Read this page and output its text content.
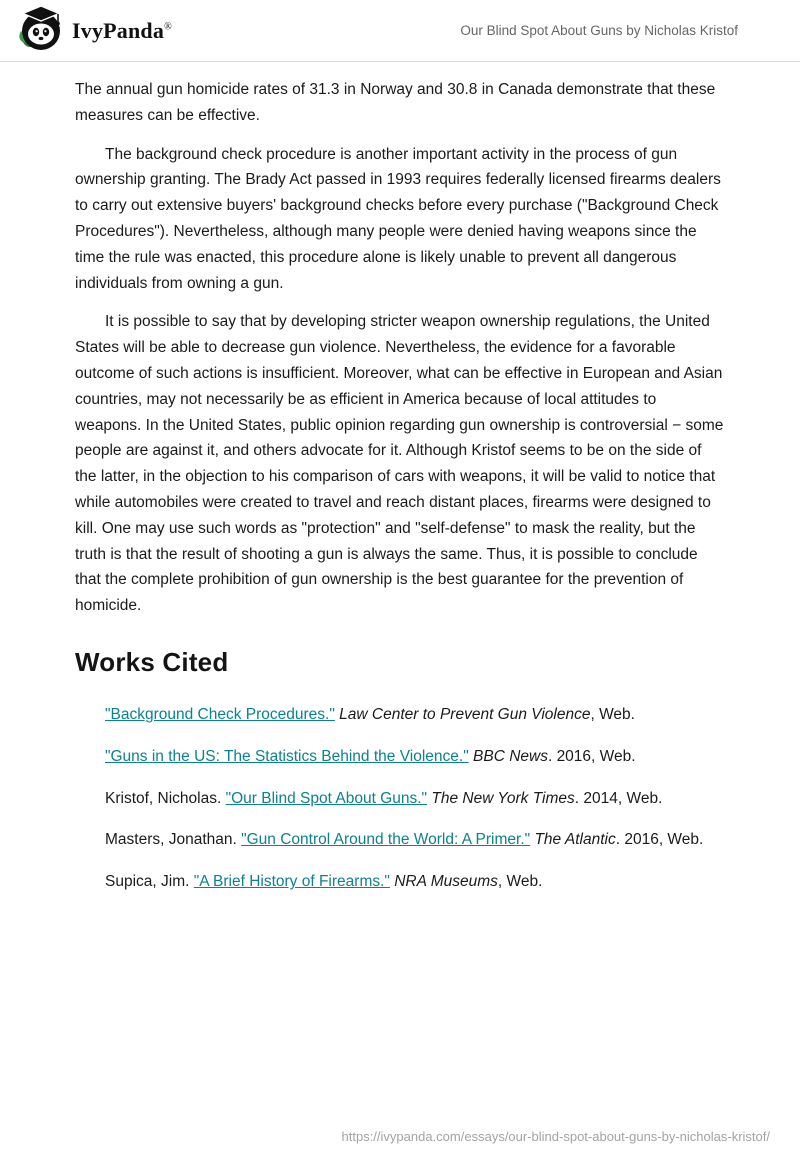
IvyPanda®	Our Blind Spot About Guns by Nicholas Kristof

The annual gun homicide rates of 31.3 in Norway and 30.8 in Canada demonstrate that these measures can be effective.

The background check procedure is another important activity in the process of gun ownership granting. The Brady Act passed in 1993 requires federally licensed firearms dealers to carry out extensive buyers' background checks before every purchase ("Background Check Procedures"). Nevertheless, although many people were denied having weapons since the time the rule was enacted, this procedure alone is likely unable to prevent all dangerous individuals from owning a gun.

It is possible to say that by developing stricter weapon ownership regulations, the United States will be able to decrease gun violence. Nevertheless, the evidence for a favorable outcome of such actions is insufficient. Moreover, what can be effective in European and Asian countries, may not necessarily be as efficient in America because of local attitudes to weapons. In the United States, public opinion regarding gun ownership is controversial − some people are against it, and others advocate for it. Although Kristof seems to be on the side of the latter, in the objection to his comparison of cars with weapons, it will be valid to notice that while automobiles were created to travel and reach distant places, firearms were designed to kill. One may use such words as "protection" and "self-defense" to mask the reality, but the truth is that the result of shooting a gun is always the same. Thus, it is possible to conclude that the complete prohibition of gun ownership is the best guarantee for the prevention of homicide.

Works Cited

"Background Check Procedures." Law Center to Prevent Gun Violence, Web.

"Guns in the US: The Statistics Behind the Violence." BBC News. 2016, Web.

Kristof, Nicholas. "Our Blind Spot About Guns." The New York Times. 2014, Web.

Masters, Jonathan. "Gun Control Around the World: A Primer." The Atlantic. 2016, Web.

Supica, Jim. "A Brief History of Firearms." NRA Museums, Web.

https://ivypanda.com/essays/our-blind-spot-about-guns-by-nicholas-kristof/
